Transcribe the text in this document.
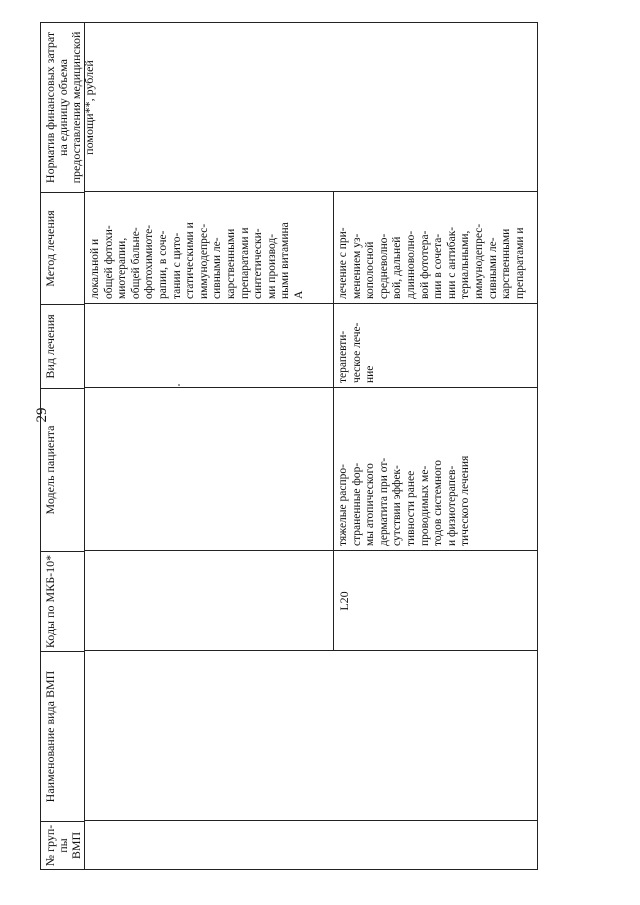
29
№ груп-пы ВМП
Наименование вида ВМП
Коды по МКБ-10*
Модель пациента
Вид лечения
Метод лечения
Норматив финансовых затрат на единицу объема предоставления медицинской помощи**, рублей
локальной и общей фотохи- миотерапии, общей бальне- офотохимиоте- рапии, в соче- тании с цито- статическими и иммунодепрес- сивными ле- карственными препаратами и синтетически- ми производ- ными витамина А
L20
тяжелые распро- страненные фор- мы атопического дерматита при от- сутствии эффек- тивности ранее проводимых ме- тодов системного и физиотерапев- тического лечения
терапевти- ческое лече- ние
лечение с при- менением уз- кополосной средневолно- вой, дальней длинноволно- вой фототера- пии в сочета- нии с антибак- териальными, иммунодепрес- сивными ле- карственными препаратами и
